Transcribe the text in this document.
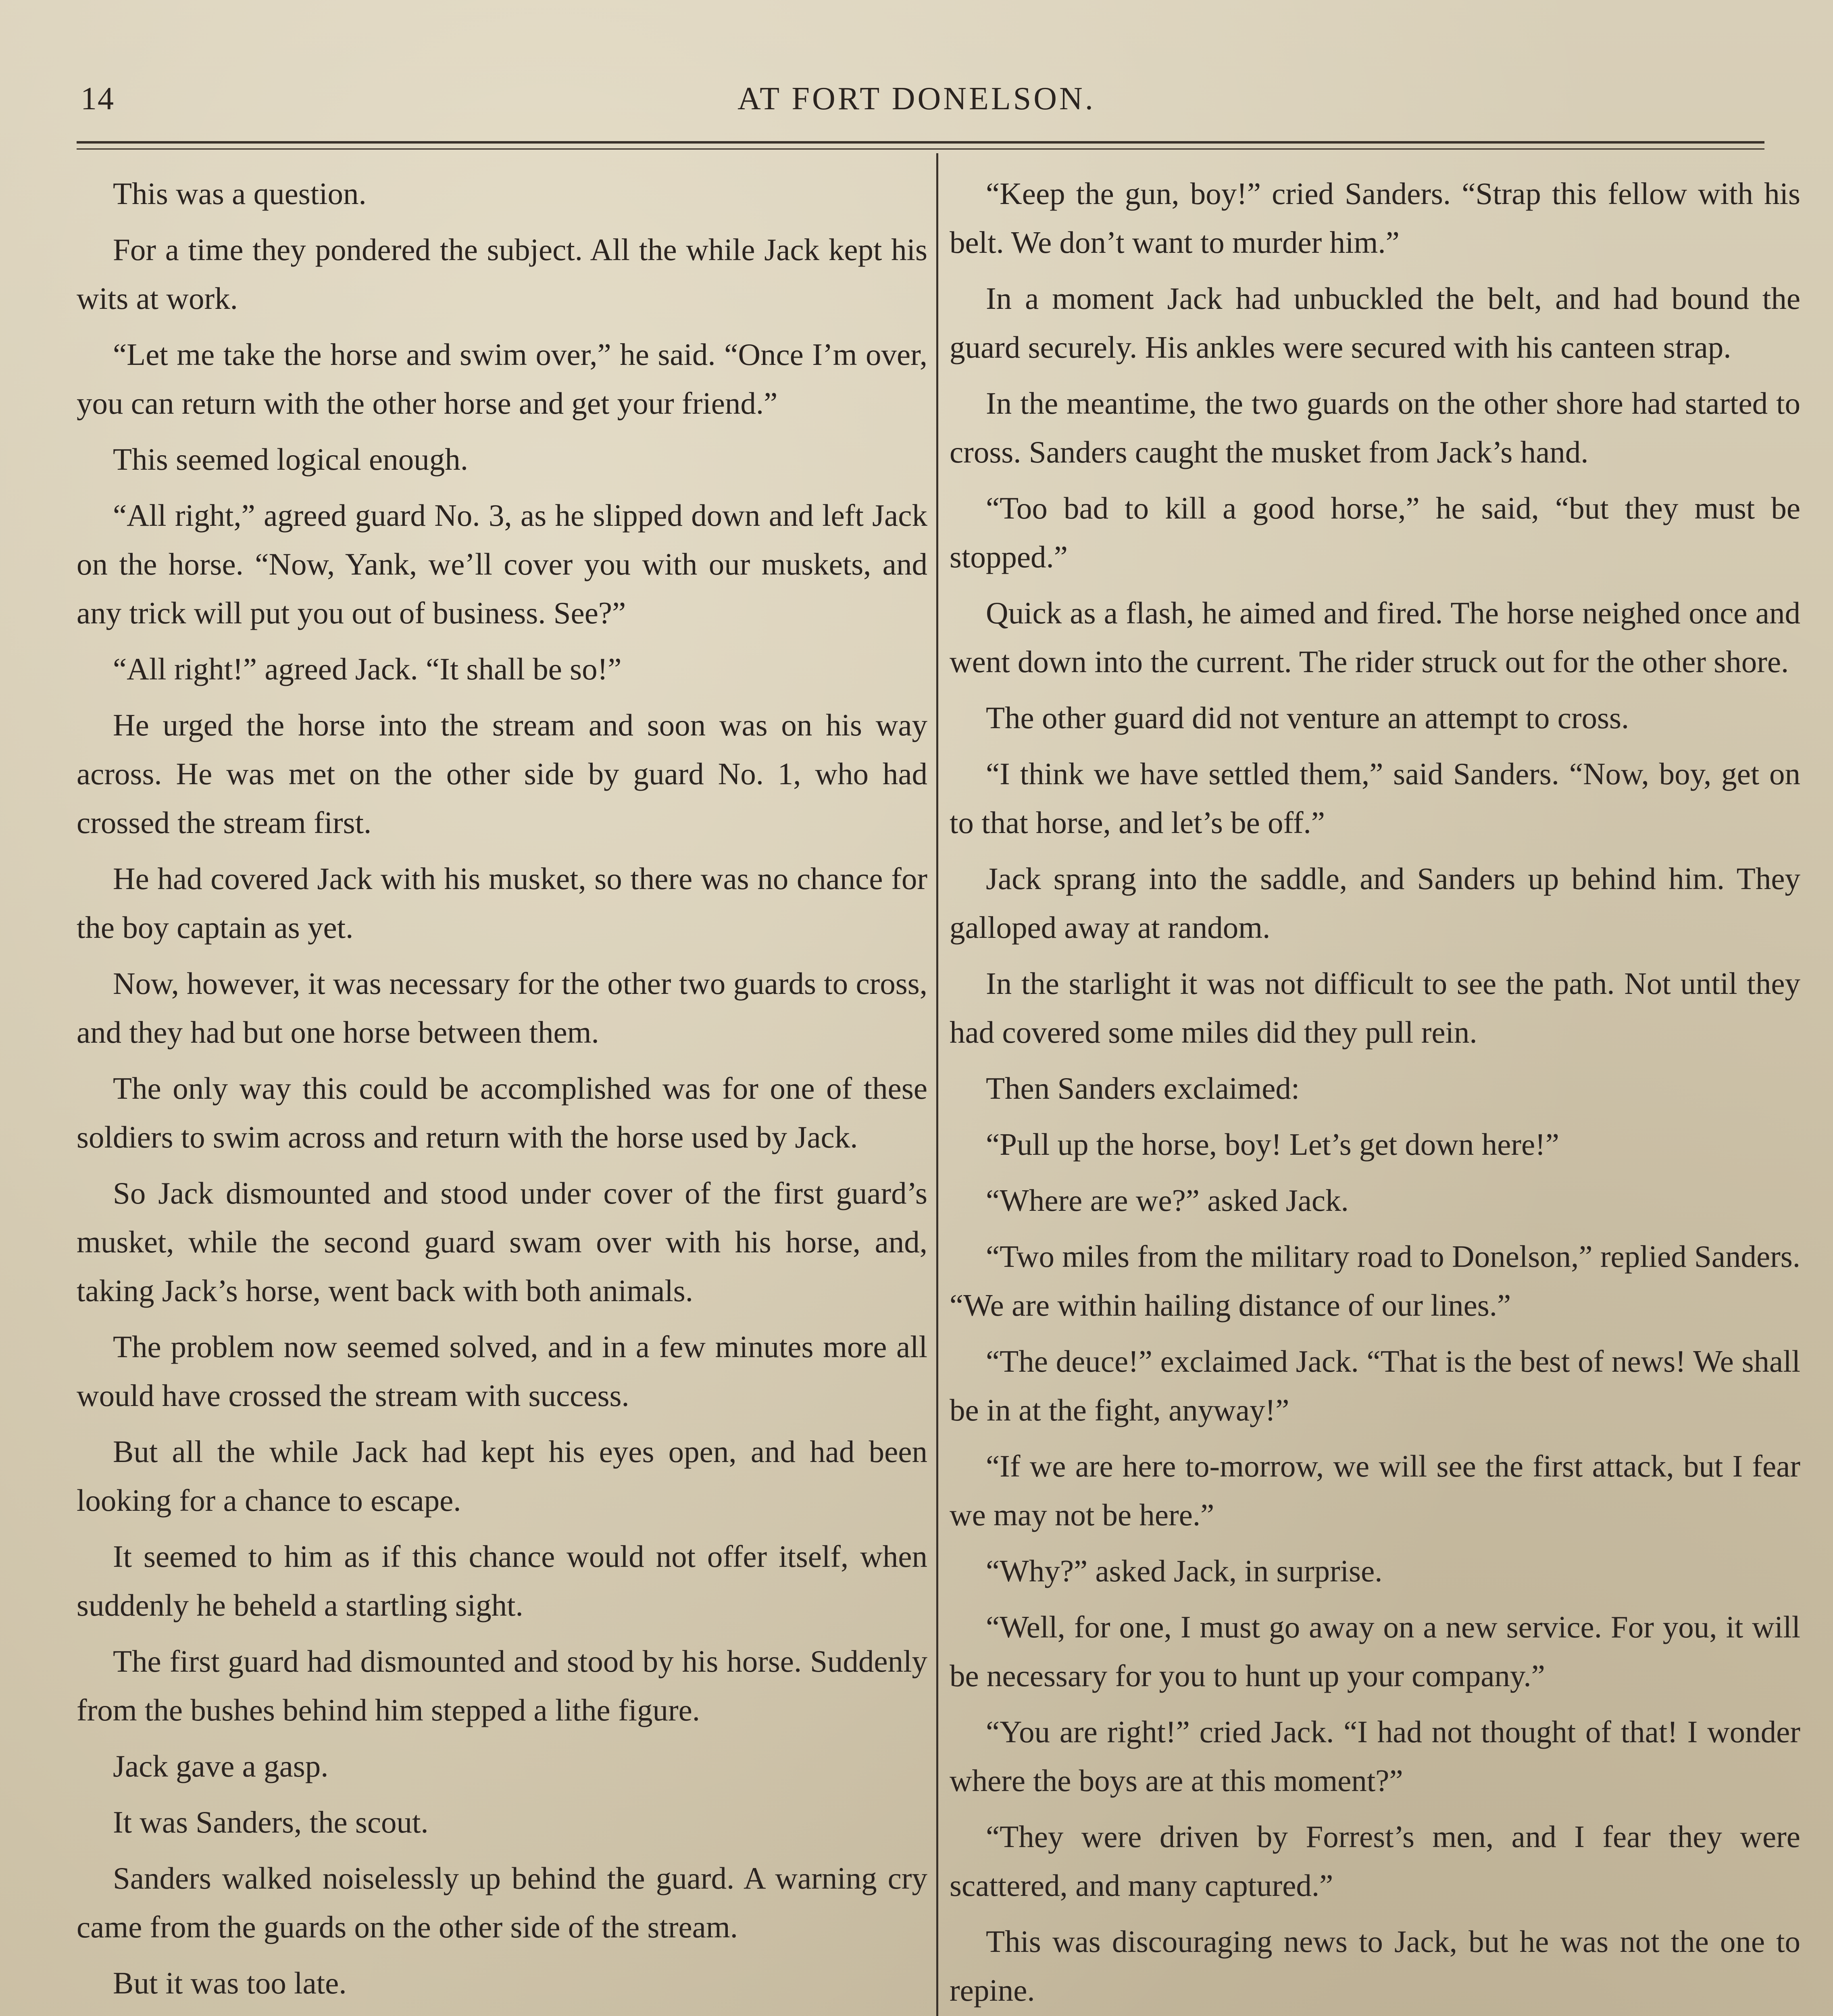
14	AT FORT DONELSON.

This was a question.

For a time they pondered the subject. All the while Jack kept his wits at work.

“Let me take the horse and swim over,” he said. “Once I’m over, you can return with the other horse and get your friend.”

This seemed logical enough.

“All right,” agreed guard No. 3, as he slipped down and left Jack on the horse. “Now, Yank, we’ll cover you with our muskets, and any trick will put you out of business. See?”

“All right!” agreed Jack. “It shall be so!”

He urged the horse into the stream and soon was on his way across. He was met on the other side by guard No. 1, who had crossed the stream first.

He had covered Jack with his musket, so there was no chance for the boy captain as yet.

Now, however, it was necessary for the other two guards to cross, and they had but one horse between them.

The only way this could be accomplished was for one of these soldiers to swim across and return with the horse used by Jack.

So Jack dismounted and stood under cover of the first guard’s musket, while the second guard swam over with his horse, and, taking Jack’s horse, went back with both animals.

The problem now seemed solved, and in a few minutes more all would have crossed the stream with success.

But all the while Jack had kept his eyes open, and had been looking for a chance to escape.

It seemed to him as if this chance would not offer itself, when suddenly he beheld a startling sight.

The first guard had dismounted and stood by his horse. Suddenly from the bushes behind him stepped a lithe figure.

Jack gave a gasp.

It was Sanders, the scout.

Sanders walked noiselessly up behind the guard. A warning cry came from the guards on the other side of the stream.

But it was too late.

“Keep the gun, boy!” cried Sanders. “Strap this fellow with his belt. We don’t want to murder him.”

In a moment Jack had unbuckled the belt, and had bound the guard securely. His ankles were secured with his canteen strap.

In the meantime, the two guards on the other shore had started to cross. Sanders caught the musket from Jack’s hand.

“Too bad to kill a good horse,” he said, “but they must be stopped.”

Quick as a flash, he aimed and fired. The horse neighed once and went down into the current. The rider struck out for the other shore.

The other guard did not venture an attempt to cross.

“I think we have settled them,” said Sanders. “Now, boy, get on to that horse, and let’s be off.”

Jack sprang into the saddle, and Sanders up behind him. They galloped away at random.

In the starlight it was not difficult to see the path. Not until they had covered some miles did they pull rein.

Then Sanders exclaimed:

“Pull up the horse, boy! Let’s get down here!”

“Where are we?” asked Jack.

“Two miles from the military road to Donelson,” replied Sanders. “We are within hailing distance of our lines.”

“The deuce!” exclaimed Jack. “That is the best of news! We shall be in at the fight, anyway!”

“If we are here to-morrow, we will see the first attack, but I fear we may not be here.”

“Why?” asked Jack, in surprise.

“Well, for one, I must go away on a new service. For you, it will be necessary for you to hunt up your company.”

“You are right!” cried Jack. “I had not thought of that! I wonder where the boys are at this moment?”

“They were driven by Forrest’s men, and I fear they were scattered, and many captured.”

This was discouraging news to Jack, but he was not the one to repine.
